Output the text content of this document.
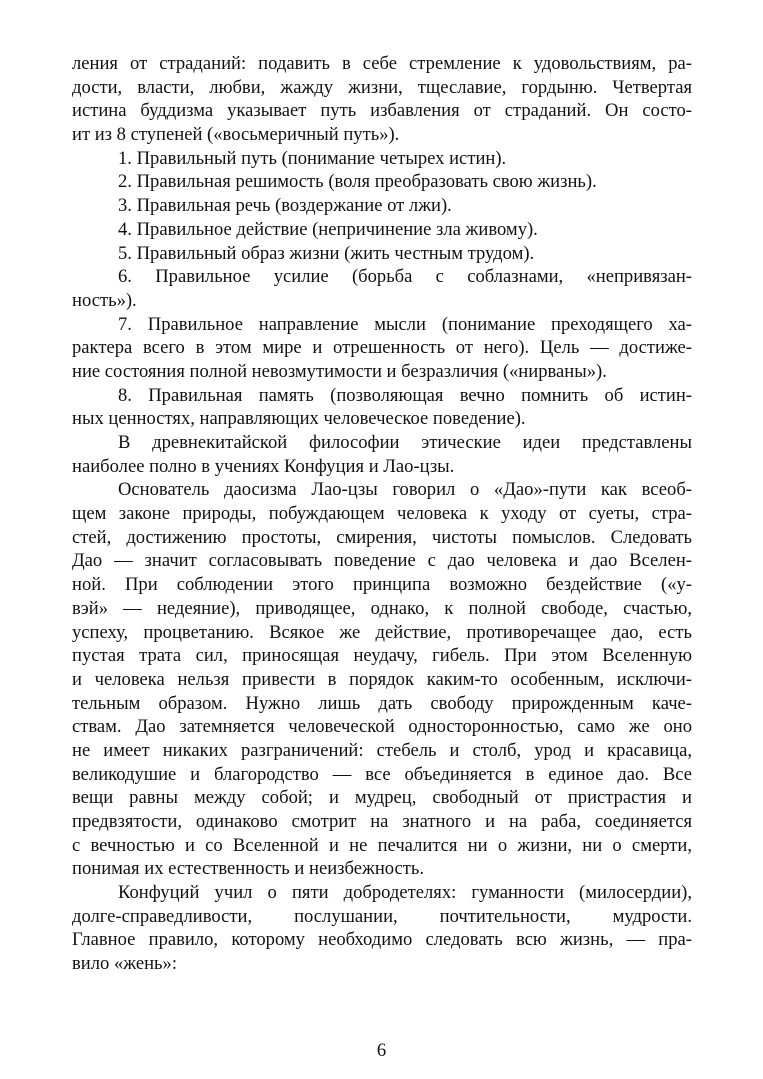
ления от страданий: подавить в себе стремление к удовольствиям, ра-
дости, власти, любви, жажду жизни, тщеславие, гордыню. Четвертая
истина буддизма указывает путь избавления от страданий. Он состо-
ит из 8 ступеней («восьмеричный путь»).
1. Правильный путь (понимание четырех истин).
2. Правильная решимость (воля преобразовать свою жизнь).
3. Правильная речь (воздержание от лжи).
4. Правильное действие (непричинение зла живому).
5. Правильный образ жизни (жить честным трудом).
6. Правильное усилие (борьба с соблазнами, «непривязан-
ность»).
7. Правильное направление мысли (понимание преходящего ха-
рактера всего в этом мире и отрешенность от него). Цель — достиже-
ние состояния полной невозмутимости и безразличия («нирваны»).
8. Правильная память (позволяющая вечно помнить об истин-
ных ценностях, направляющих человеческое поведение).
В древнекитайской философии этические идеи представлены
наиболее полно в учениях Конфуция и Лао-цзы.
Основатель даосизма Лао-цзы говорил о «Дао»-пути как всеоб-
щем законе природы, побуждающем человека к уходу от суеты, стра-
стей, достижению простоты, смирения, чистоты помыслов. Следовать
Дао — значит согласовывать поведение с дао человека и дао Вселен-
ной. При соблюдении этого принципа возможно бездействие («у-
вэй» — недеяние), приводящее, однако, к полной свободе, счастью,
успеху, процветанию. Всякое же действие, противоречащее дао, есть
пустая трата сил, приносящая неудачу, гибель. При этом Вселенную
и человека нельзя привести в порядок каким-то особенным, исключи-
тельным образом. Нужно лишь дать свободу прирожденным каче-
ствам. Дао затемняется человеческой односторонностью, само же оно
не имеет никаких разграничений: стебель и столб, урод и красавица,
великодушие и благородство — все объединяется в единое дао. Все
вещи равны между собой; и мудрец, свободный от пристрастия и
предвзятости, одинаково смотрит на знатного и на раба, соединяется
с вечностью и со Вселенной и не печалится ни о жизни, ни о смерти,
понимая их естественность и неизбежность.
Конфуций учил о пяти добродетелях: гуманности (милосердии),
долге-справедливости, послушании, почтительности, мудрости.
Главное правило, которому необходимо следовать всю жизнь, — пра-
вило «жень»:
6
